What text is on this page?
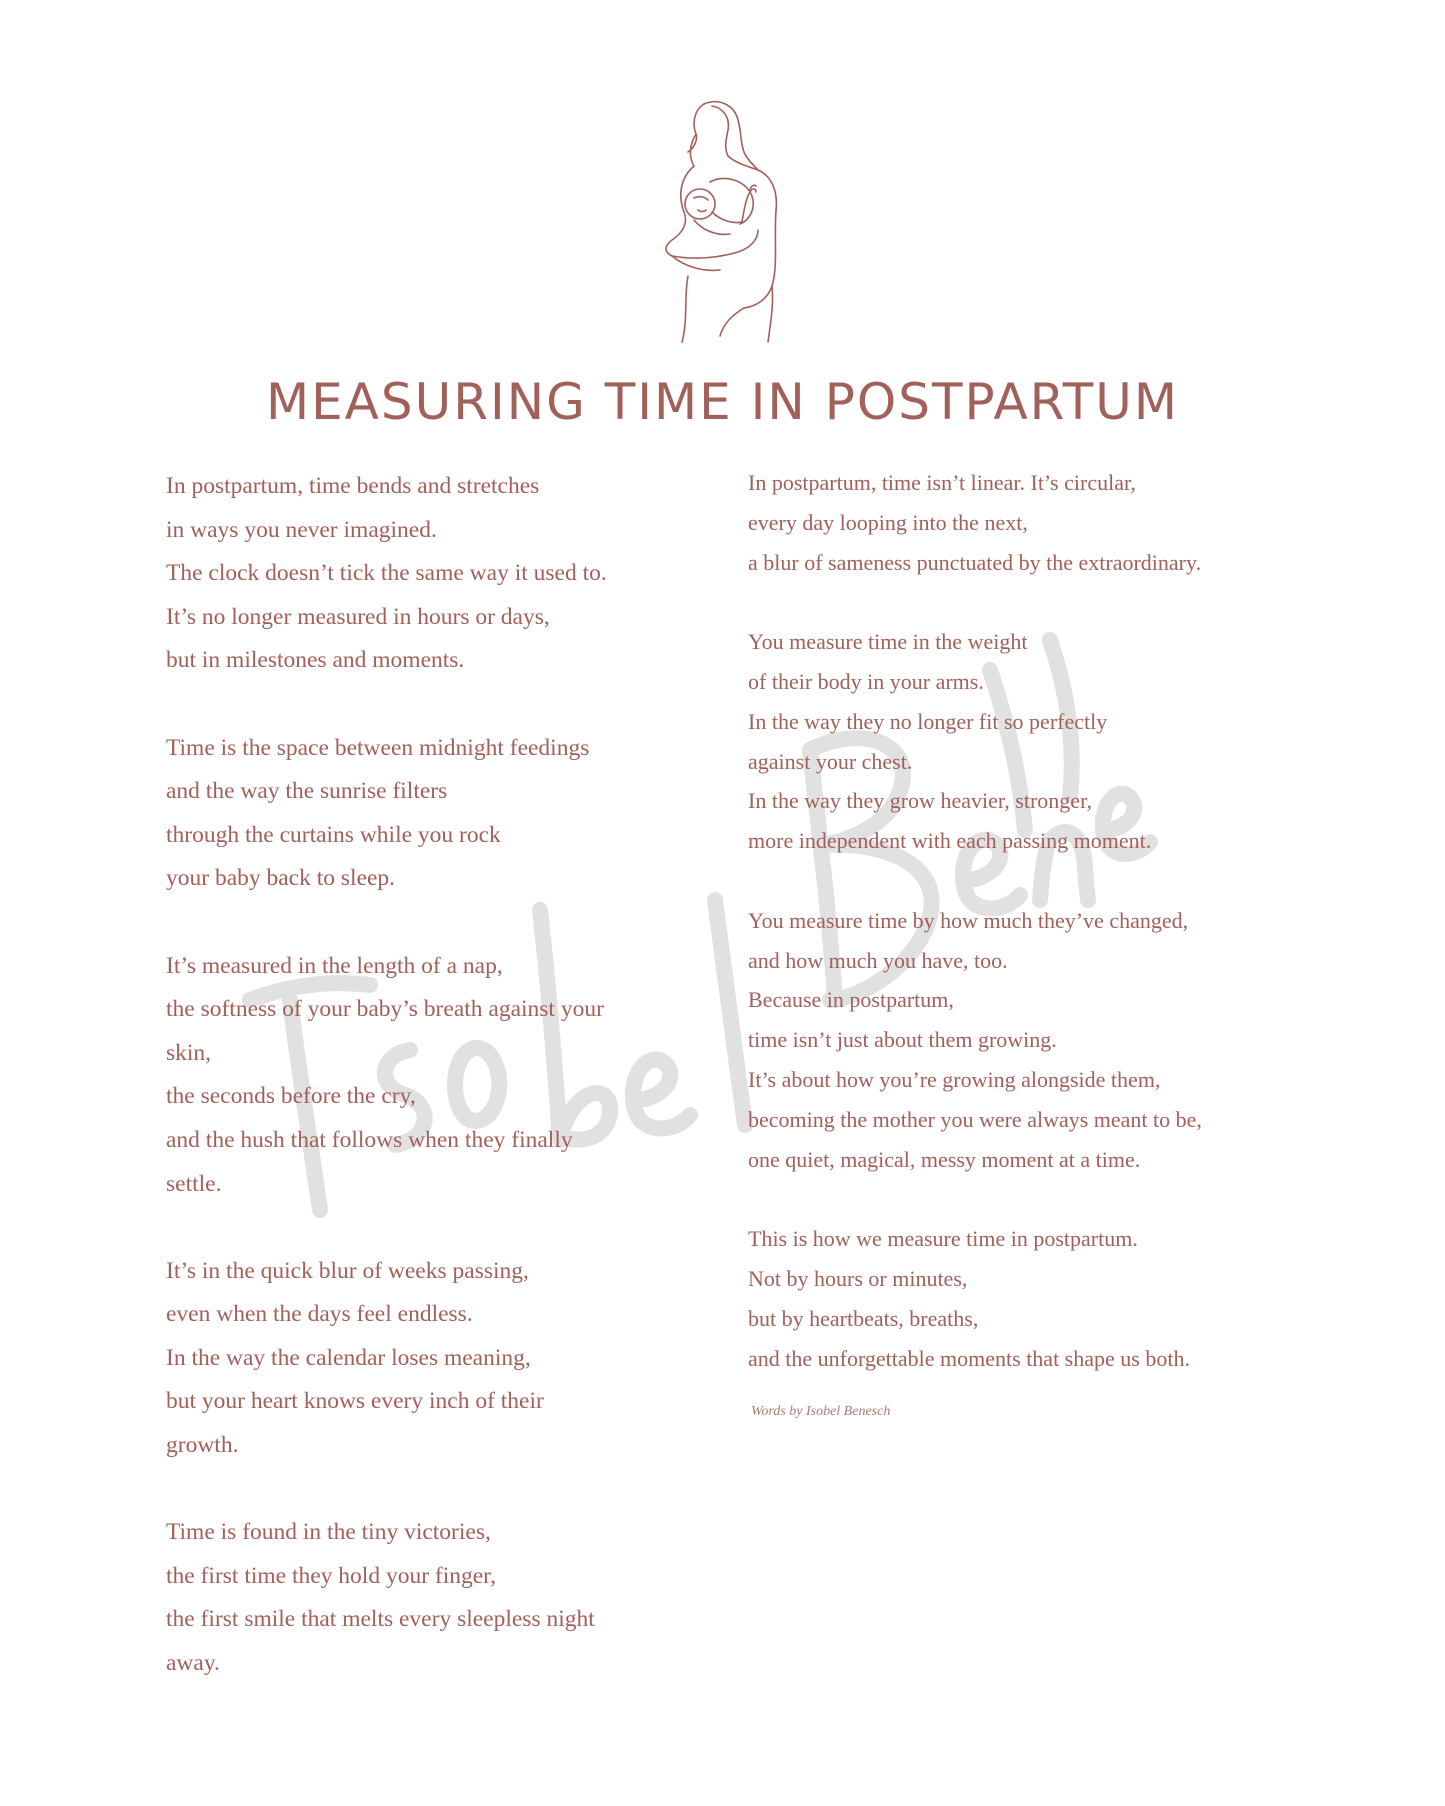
MEASURING TIME IN POSTPARTUM

In postpartum, time bends and stretches
in ways you never imagined.
The clock doesn’t tick the same way it used to.
It’s no longer measured in hours or days,
but in milestones and moments.

Time is the space between midnight feedings
and the way the sunrise filters
through the curtains while you rock
your baby back to sleep.

It’s measured in the length of a nap,
the softness of your baby’s breath against your
skin,
the seconds before the cry,
and the hush that follows when they finally
settle.

It’s in the quick blur of weeks passing,
even when the days feel endless.
In the way the calendar loses meaning,
but your heart knows every inch of their
growth.

Time is found in the tiny victories,
the first time they hold your finger,
the first smile that melts every sleepless night
away.

In postpartum, time isn’t linear. It’s circular,
every day looping into the next,
a blur of sameness punctuated by the extraordinary.

You measure time in the weight
of their body in your arms.
In the way they no longer fit so perfectly
against your chest.
In the way they grow heavier, stronger,
more independent with each passing moment.

You measure time by how much they’ve changed,
and how much you have, too.
Because in postpartum,
time isn’t just about them growing.
It’s about how you’re growing alongside them,
becoming the mother you were always meant to be,
one quiet, magical, messy moment at a time.

This is how we measure time in postpartum.
Not by hours or minutes,
but by heartbeats, breaths,
and the unforgettable moments that shape us both.

Words by Isobel Benesch
